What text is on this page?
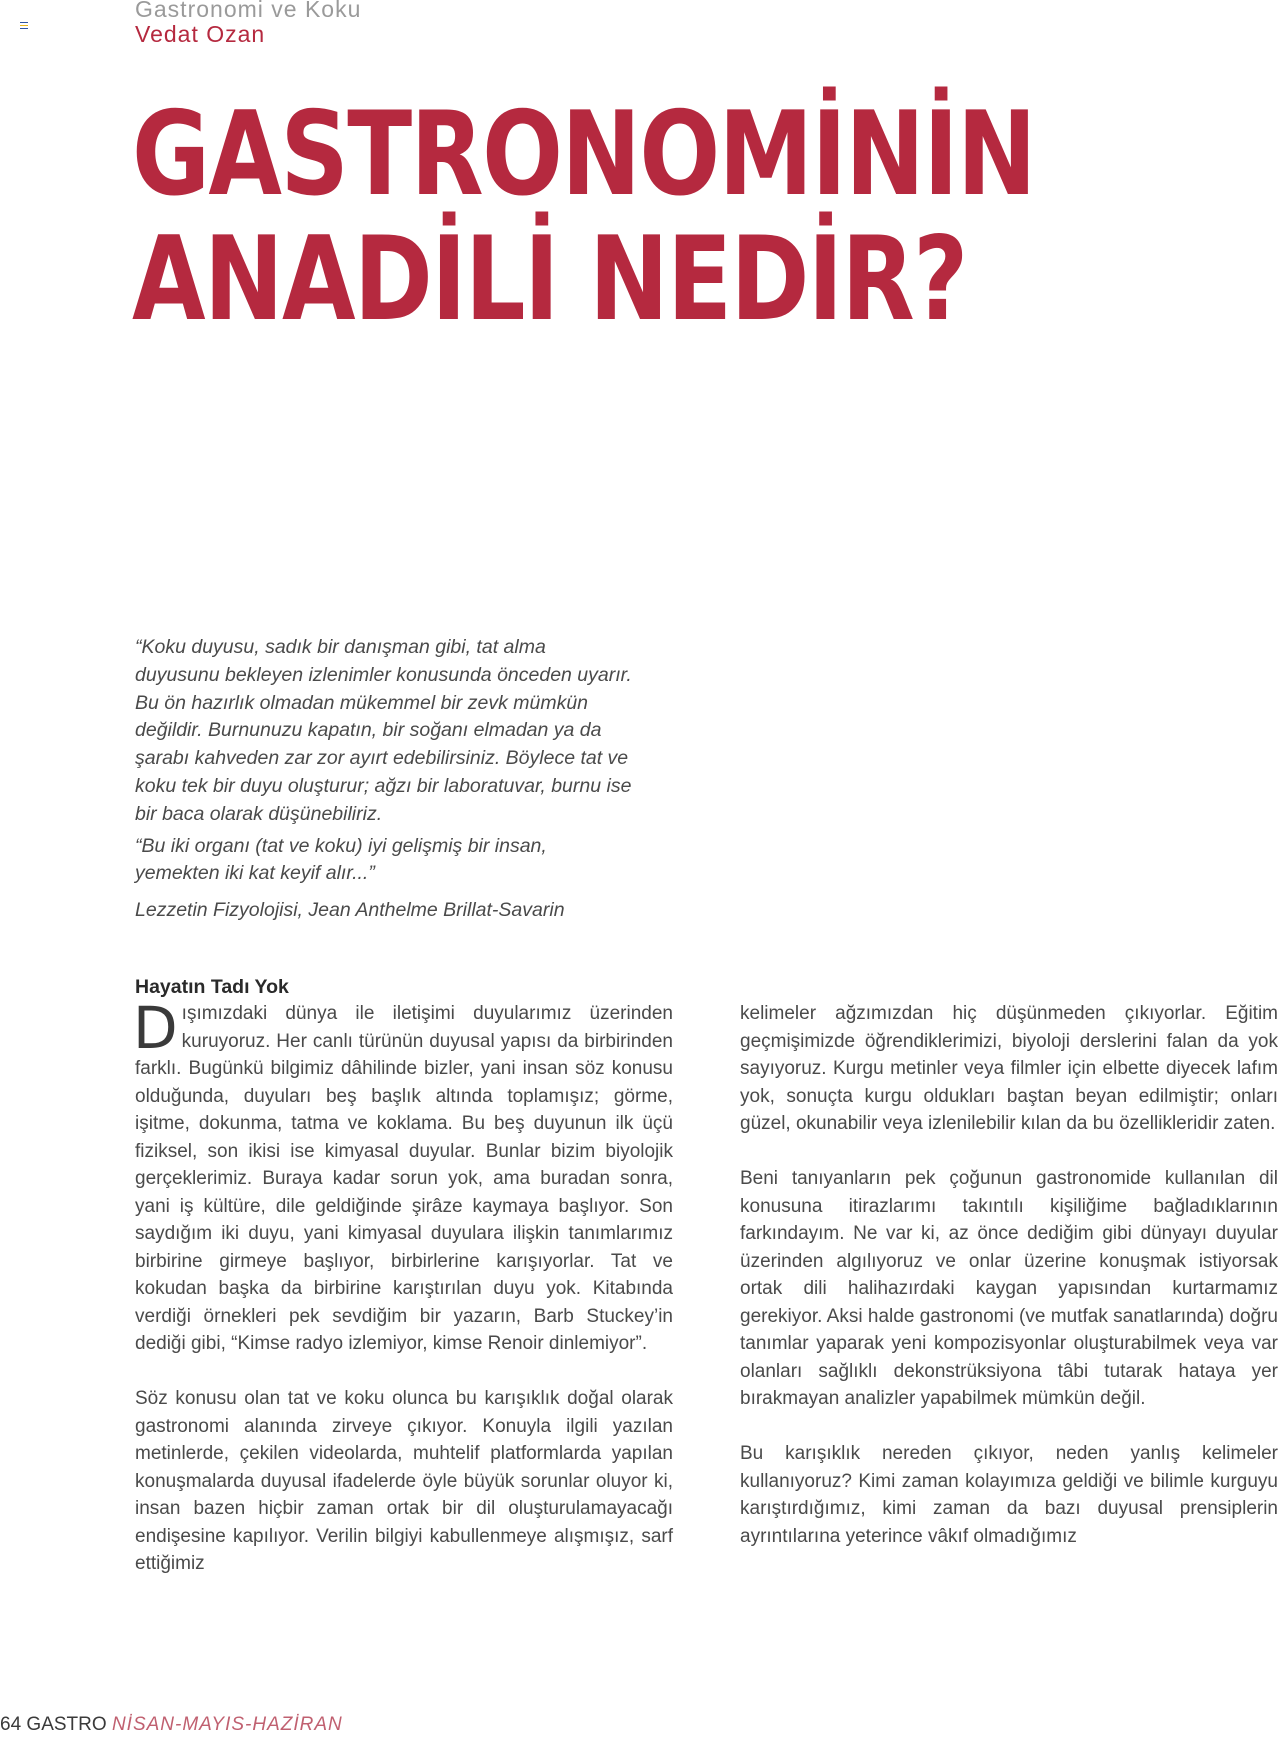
Gastronomi ve Koku
Vedat Ozan
GASTRONOMİNİN
ANADİLİ NEDİR?

“Koku duyusu, sadık bir danışman gibi, tat alma duyusunu bekleyen izlenimler konusunda önceden uyarır. Bu ön hazırlık olmadan mükemmel bir zevk mümkün değildir. Burnunuzu kapatın, bir soğanı elmadan ya da şarabı kahveden zar zor ayırt edebilirsiniz. Böylece tat ve koku tek bir duyu oluşturur; ağzı bir laboratuvar, burnu ise bir baca olarak düşünebiliriz.

“Bu iki organı (tat ve koku) iyi gelişmiş bir insan, yemekten iki kat keyif alır...”

Lezzetin Fizyolojisi, Jean Anthelme Brillat-Savarin

Hayatın Tadı Yok

Dışımızdaki dünya ile iletişimi duyularımız üzerinden kuruyoruz. Her canlı türünün duyusal yapısı da birbirinden farklı. Bugünkü bilgimiz dâhilinde bizler, yani insan söz konusu olduğunda, duyuları beş başlık altında toplamışız; görme, işitme, dokunma, tatma ve koklama. Bu beş duyunun ilk üçü fiziksel, son ikisi ise kimyasal duyular. Bunlar bizim biyolojik gerçeklerimiz. Buraya kadar sorun yok, ama buradan sonra, yani iş kültüre, dile geldiğinde şirâze kaymaya başlıyor. Son saydığım iki duyu, yani kimyasal duyulara ilişkin tanımlarımız birbirine girmeye başlıyor, birbirlerine karışıyorlar. Tat ve kokudan başka da birbirine karıştırılan duyu yok. Kitabında verdiği örnekleri pek sevdiğim bir yazarın, Barb Stuckey’in dediği gibi, “Kimse radyo izlemiyor, kimse Renoir dinlemiyor”.

Söz konusu olan tat ve koku olunca bu karışıklık doğal olarak gastronomi alanında zirveye çıkıyor. Konuyla ilgili yazılan metinlerde, çekilen videolarda, muhtelif platformlarda yapılan konuşmalarda duyusal ifadelerde öyle büyük sorunlar oluyor ki, insan bazen hiçbir zaman ortak bir dil oluşturulamayacağı endişesine kapılıyor. Verilin bilgiyi kabullenmeye alışmışız, sarf ettiğimiz

kelimeler ağzımızdan hiç düşünmeden çıkıyorlar. Eğitim geçmişimizde öğrendiklerimizi, biyoloji derslerini falan da yok sayıyoruz. Kurgu metinler veya filmler için elbette diyecek lafım yok, sonuçta kurgu oldukları baştan beyan edilmiştir; onları güzel, okunabilir veya izlenilebilir kılan da bu özellikleridir zaten.

Beni tanıyanların pek çoğunun gastronomide kullanılan dil konusuna itirazlarımı takıntılı kişiliğime bağladıklarının farkındayım. Ne var ki, az önce dediğim gibi dünyayı duyular üzerinden algılıyoruz ve onlar üzerine konuşmak istiyorsak ortak dili halihazırdaki kaygan yapısından kurtarmamız gerekiyor. Aksi halde gastronomi (ve mutfak sanatlarında) doğru tanımlar yaparak yeni kompozisyonlar oluşturabilmek veya var olanları sağlıklı dekonstrüksiyona tâbi tutarak hataya yer bırakmayan analizler yapabilmek mümkün değil.

Bu karışıklık nereden çıkıyor, neden yanlış kelimeler kullanıyoruz? Kimi zaman kolayımıza geldiği ve bilimle kurguyu karıştırdığımız, kimi zaman da bazı duyusal prensiplerin ayrıntılarına yeterince vâkıf olmadığımız

64 GASTRO NİSAN-MAYIS-HAZİRAN
